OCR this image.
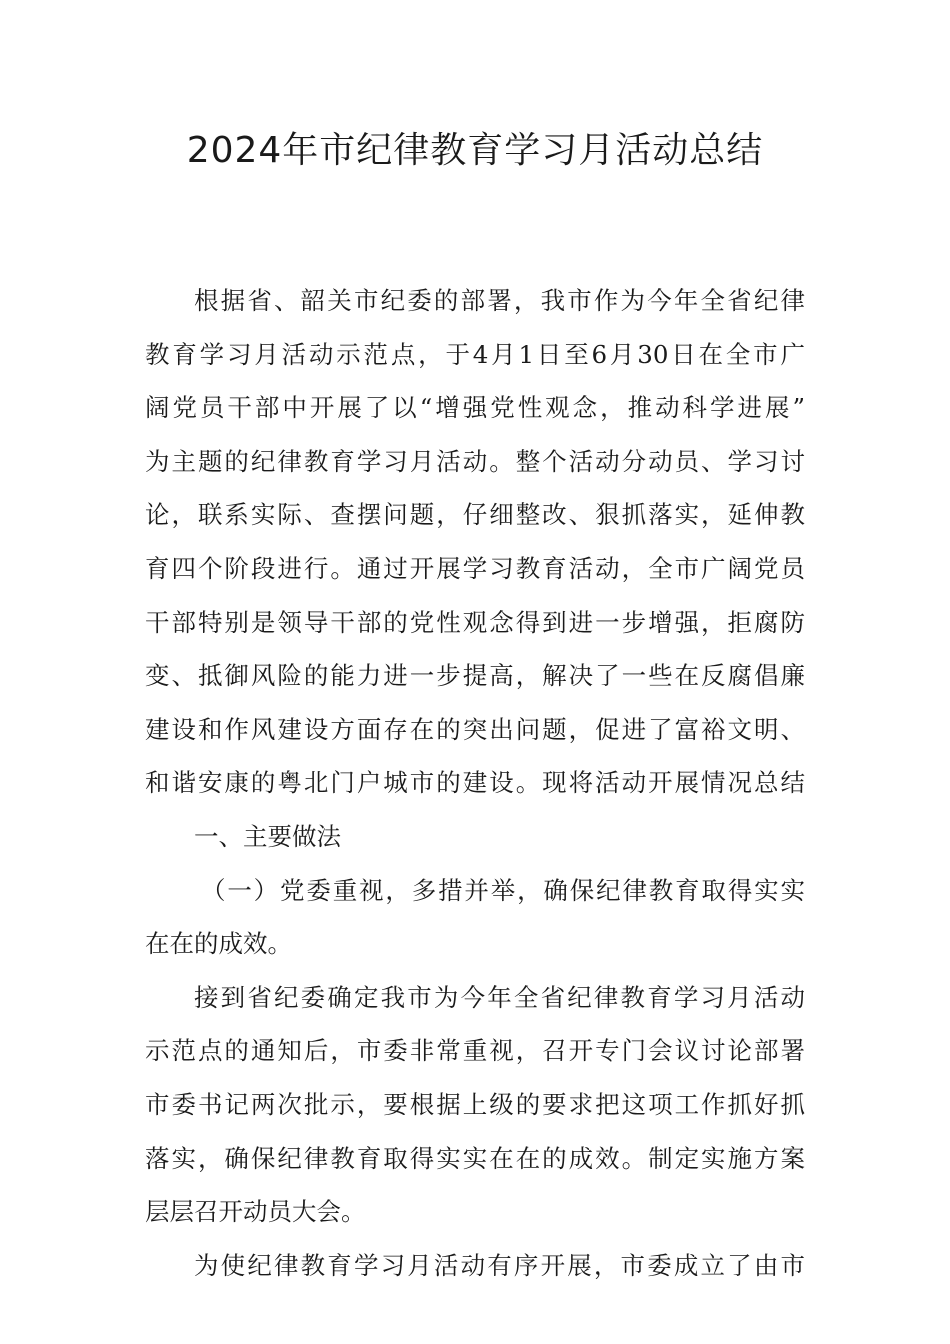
2024年市纪律教育学习月活动总结
根据省、韶关市纪委的部署，我市作为今年全省纪律
教育学习月活动示范点，于4月1日至6月30日在全市广
阔党员干部中开展了以“增强党性观念，推动科学进展”
为主题的纪律教育学习月活动。整个活动分动员、学习讨
论，联系实际、查摆问题，仔细整改、狠抓落实，延伸教
育四个阶段进行。通过开展学习教育活动，全市广阔党员
干部特别是领导干部的党性观念得到进一步增强，拒腐防
变、抵御风险的能力进一步提高，解决了一些在反腐倡廉
建设和作风建设方面存在的突出问题，促进了富裕文明、
和谐安康的粤北门户城市的建设。现将活动开展情况总结
一、主要做法
（一）党委重视，多措并举，确保纪律教育取得实实
在在的成效。
接到省纪委确定我市为今年全省纪律教育学习月活动
示范点的通知后，市委非常重视，召开专门会议讨论部署
市委书记两次批示，要根据上级的要求把这项工作抓好抓
落实，确保纪律教育取得实实在在的成效。制定实施方案
层层召开动员大会。
为使纪律教育学习月活动有序开展，市委成立了由市
